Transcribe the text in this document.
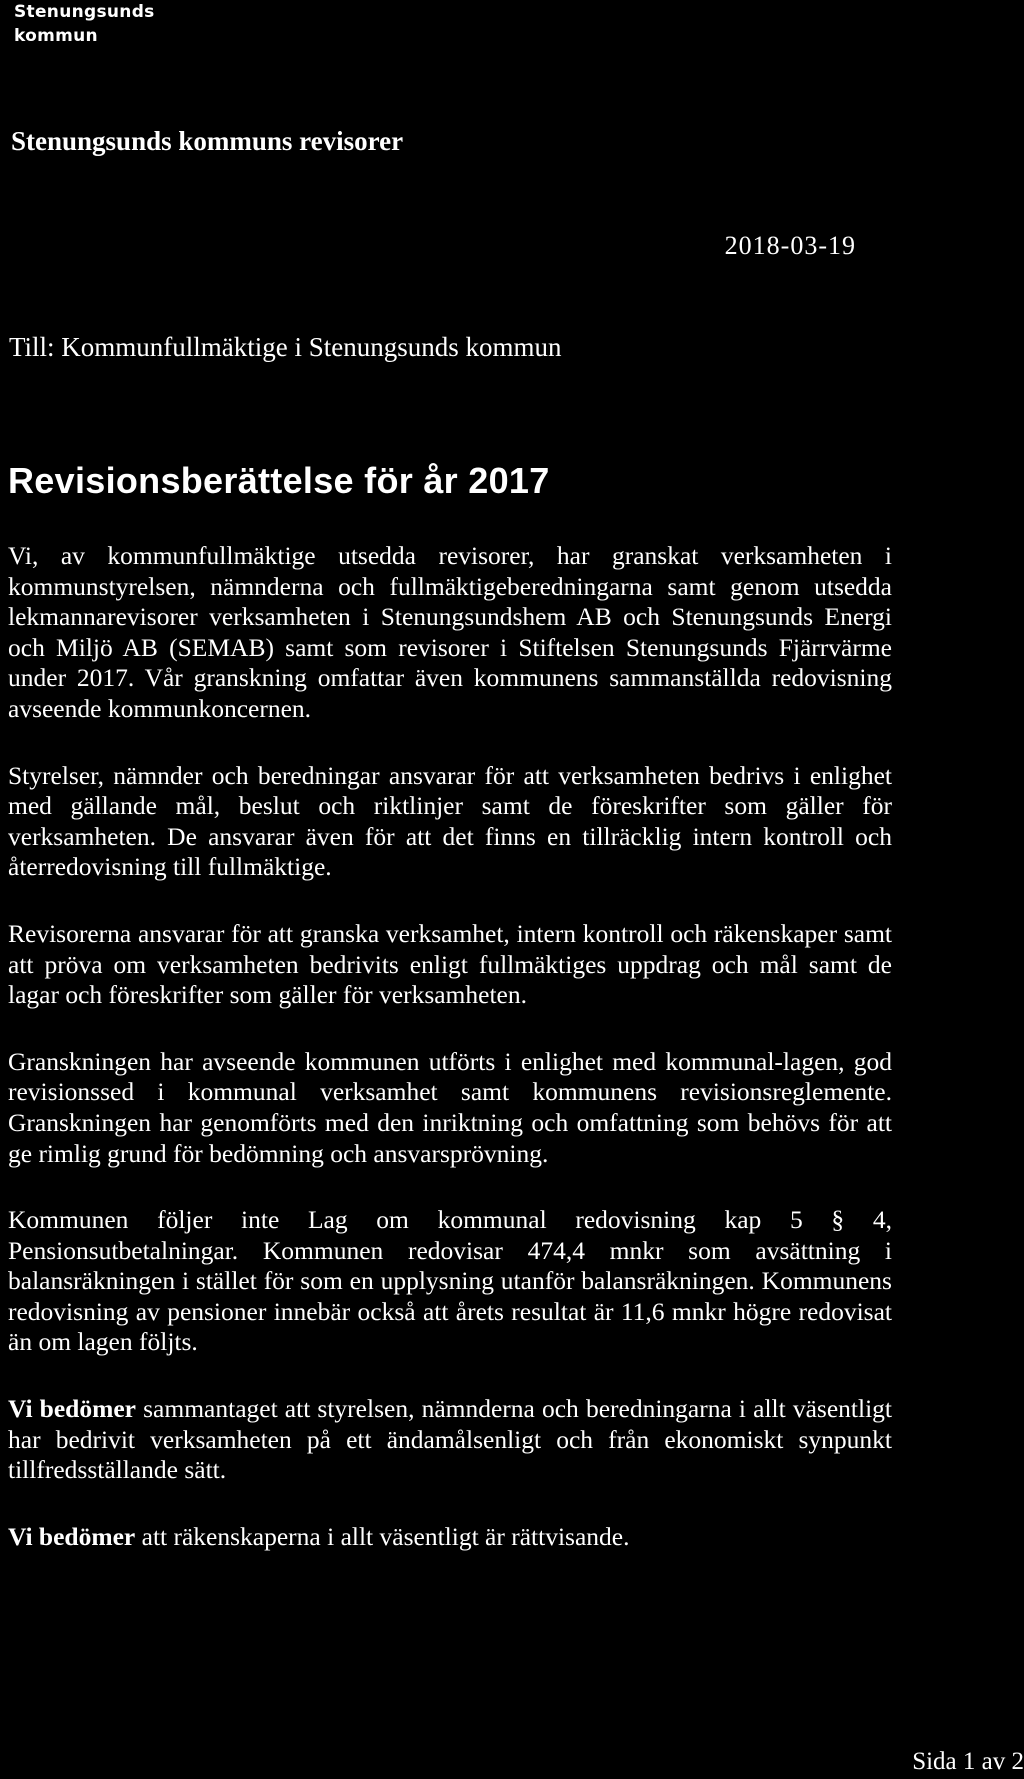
Stenungsunds
kommun
Stenungsunds kommuns revisorer
2018-03-19
Till: Kommunfullmäktige i Stenungsunds kommun
Revisionsberättelse för år 2017

Vi, av kommunfullmäktige utsedda revisorer, har granskat verksamheten i kommunstyrelsen, nämnderna och fullmäktigeberedningarna samt genom utsedda lekmannarevisorer verksamheten i Stenungsundshem AB och Stenungsunds Energi och Miljö AB (SEMAB) samt som revisorer i Stiftelsen Stenungsunds Fjärrvärme under 2017. Vår granskning omfattar även kommunens sammanställda redovisning avseende kommunkoncernen.

Styrelser, nämnder och beredningar ansvarar för att verksamheten bedrivs i enlighet med gällande mål, beslut och riktlinjer samt de föreskrifter som gäller för verksamheten. De ansvarar även för att det finns en tillräcklig intern kontroll och återredovisning till fullmäktige.

Revisorerna ansvarar för att granska verksamhet, intern kontroll och räkenskaper samt att pröva om verksamheten bedrivits enligt fullmäktiges uppdrag och mål samt de lagar och föreskrifter som gäller för verksamheten.

Granskningen har avseende kommunen utförts i enlighet med kommunal-lagen, god revisionssed i kommunal verksamhet samt kommunens revisionsreglemente. Granskningen har genomförts med den inriktning och omfattning som behövs för att ge rimlig grund för bedömning och ansvarsprövning.

Kommunen följer inte Lag om kommunal redovisning kap 5 § 4, Pensionsutbetalningar. Kommunen redovisar 474,4 mnkr som avsättning i balansräkningen i stället för som en upplysning utanför balansräkningen. Kommunens redovisning av pensioner innebär också att årets resultat är 11,6 mnkr högre redovisat än om lagen följts.

Vi bedömer sammantaget att styrelsen, nämnderna och beredningarna i allt väsentligt har bedrivit verksamheten på ett ändamålsenligt och från ekonomiskt synpunkt tillfredsställande sätt.

Vi bedömer att räkenskaperna i allt väsentligt är rättvisande.

Sida 1 av 2
